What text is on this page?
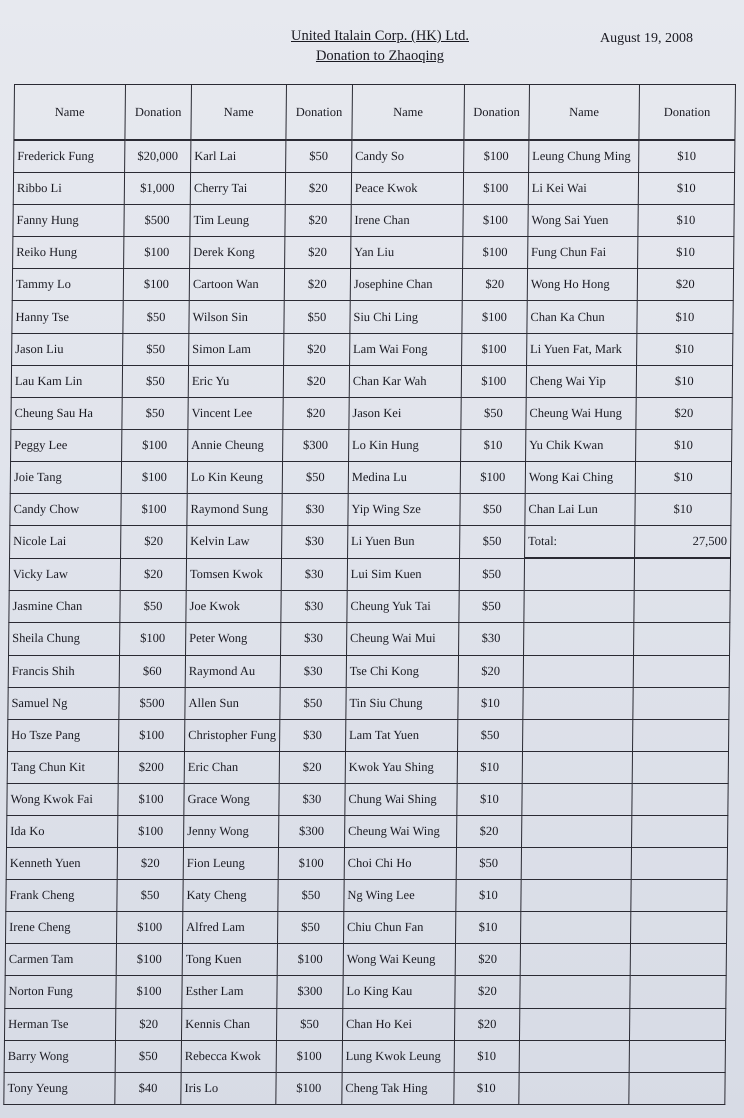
United Italain Corp. (HK) Ltd.
Donation to Zhaoqing
August 19, 2008
Name	Donation	Name	Donation	Name	Donation	Name	Donation
Frederick Fung	$20,000	Karl Lai	$50	Candy So	$100	Leung Chung Ming	$10
Ribbo Li	$1,000	Cherry Tai	$20	Peace Kwok	$100	Li Kei Wai	$10
Fanny Hung	$500	Tim Leung	$20	Irene Chan	$100	Wong Sai Yuen	$10
Reiko Hung	$100	Derek Kong	$20	Yan Liu	$100	Fung Chun Fai	$10
Tammy Lo	$100	Cartoon Wan	$20	Josephine Chan	$20	Wong Ho Hong	$20
Hanny Tse	$50	Wilson Sin	$50	Siu Chi Ling	$100	Chan Ka Chun	$10
Jason Liu	$50	Simon Lam	$20	Lam Wai Fong	$100	Li Yuen Fat, Mark	$10
Lau Kam Lin	$50	Eric Yu	$20	Chan Kar Wah	$100	Cheng Wai Yip	$10
Cheung Sau Ha	$50	Vincent Lee	$20	Jason Kei	$50	Cheung Wai Hung	$20
Peggy Lee	$100	Annie Cheung	$300	Lo Kin Hung	$10	Yu Chik Kwan	$10
Joie Tang	$100	Lo Kin Keung	$50	Medina Lu	$100	Wong Kai Ching	$10
Candy Chow	$100	Raymond Sung	$30	Yip Wing Sze	$50	Chan Lai Lun	$10
Nicole Lai	$20	Kelvin Law	$30	Li Yuen Bun	$50	Total:	27,500
Vicky Law	$20	Tomsen Kwok	$30	Lui Sim Kuen	$50		
Jasmine Chan	$50	Joe Kwok	$30	Cheung Yuk Tai	$50		
Sheila Chung	$100	Peter Wong	$30	Cheung Wai Mui	$30		
Francis Shih	$60	Raymond Au	$30	Tse Chi Kong	$20		
Samuel Ng	$500	Allen Sun	$50	Tin Siu Chung	$10		
Ho Tsze Pang	$100	Christopher Fung	$30	Lam Tat Yuen	$50		
Tang Chun Kit	$200	Eric Chan	$20	Kwok Yau Shing	$10		
Wong Kwok Fai	$100	Grace Wong	$30	Chung Wai Shing	$10		
Ida Ko	$100	Jenny Wong	$300	Cheung Wai Wing	$20		
Kenneth Yuen	$20	Fion Leung	$100	Choi Chi Ho	$50		
Frank Cheng	$50	Katy Cheng	$50	Ng Wing Lee	$10		
Irene Cheng	$100	Alfred Lam	$50	Chiu Chun Fan	$10		
Carmen Tam	$100	Tong Kuen	$100	Wong Wai Keung	$20		
Norton Fung	$100	Esther Lam	$300	Lo King Kau	$20		
Herman Tse	$20	Kennis Chan	$50	Chan Ho Kei	$20		
Barry Wong	$50	Rebecca Kwok	$100	Lung Kwok Leung	$10		
Tony Yeung	$40	Iris Lo	$100	Cheng Tak Hing	$10		
